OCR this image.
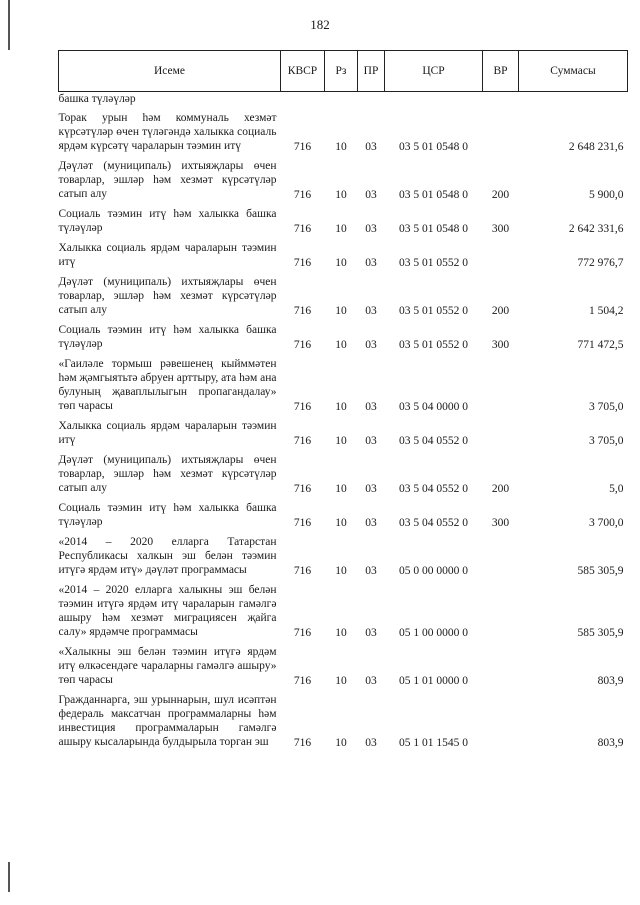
182
Исеме	КВСР	Рз	ПР	ЦСР	ВР	Суммасы
башка түләүләр						
Торак урын һәм коммуналь хезмәт күрсәтүләр өчен түләгәндә халыкка социаль ярдәм күрсәтү чараларын тәэмин итү	716	10	03	03 5 01 0548 0		2 648 231,6
Дәүләт (муниципаль) ихтыяҗлары өчен товарлар, эшләр һәм хезмәт күрсәтүләр сатып алу	716	10	03	03 5 01 0548 0	200	5 900,0
Социаль тәэмин итү һәм халыкка башка түләүләр	716	10	03	03 5 01 0548 0	300	2 642 331,6
Халыкка социаль ярдәм чараларын тәэмин итү	716	10	03	03 5 01 0552 0		772 976,7
Дәүләт (муниципаль) ихтыяҗлары өчен товарлар, эшләр һәм хезмәт күрсәтүләр сатып алу	716	10	03	03 5 01 0552 0	200	1 504,2
Социаль тәэмин итү һәм халыкка башка түләүләр	716	10	03	03 5 01 0552 0	300	771 472,5
«Гаиләле тормыш рәвешенең кыйммәтен һәм җәмгыятьтә абруен арттыру, ата һәм ана булуның җаваплылыгын пропагандалау» төп чарасы	716	10	03	03 5 04 0000 0		3 705,0
Халыкка социаль ярдәм чараларын тәэмин итү	716	10	03	03 5 04 0552 0		3 705,0
Дәүләт (муниципаль) ихтыяҗлары өчен товарлар, эшләр һәм хезмәт күрсәтүләр сатып алу	716	10	03	03 5 04 0552 0	200	5,0
Социаль тәэмин итү һәм халыкка башка түләүләр	716	10	03	03 5 04 0552 0	300	3 700,0
«2014 – 2020 елларга Татарстан Республикасы халкын эш белән тәэмин итүгә ярдәм итү» дәүләт программасы	716	10	03	05 0 00 0000 0		585 305,9
«2014 – 2020 елларга халыкны эш белән тәэмин итүгә ярдәм итү чараларын гамәлгә ашыру һәм хезмәт миграциясен җайга салу» ярдәмче программасы	716	10	03	05 1 00 0000 0		585 305,9
«Халыкны эш белән тәэмин итүгә ярдәм итү өлкәсендәге чараларны гамәлгә ашыру» төп чарасы	716	10	03	05 1 01 0000 0		803,9
Гражданнарга, эш урыннарын, шул исәптән федераль максатчан программаларны һәм инвестиция программаларын гамәлгә ашыру кысаларында булдырыла торган эш	716	10	03	05 1 01 1545 0		803,9
